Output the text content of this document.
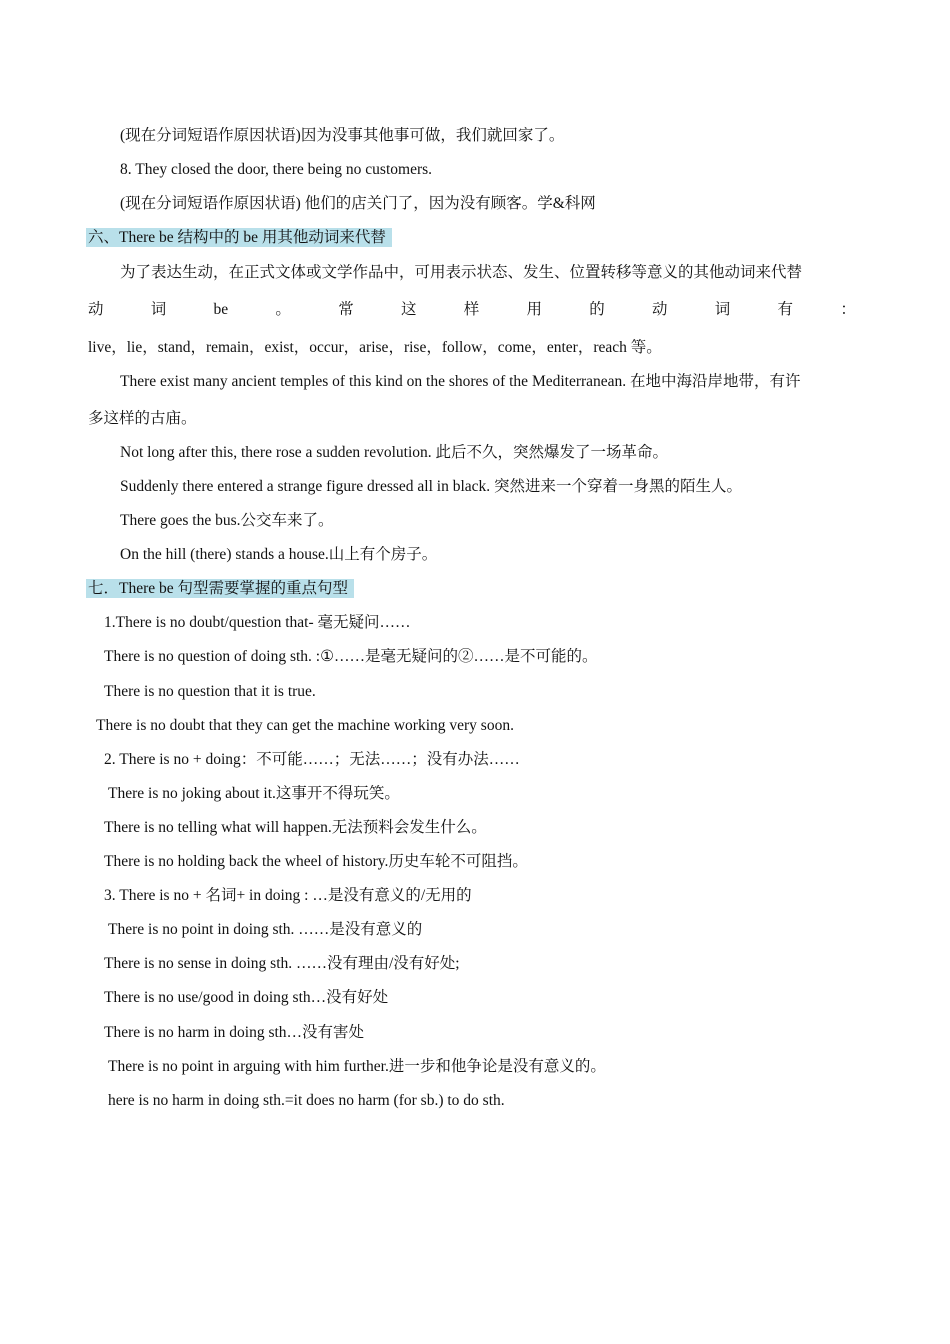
(现在分词短语作原因状语)因为没事其他事可做，我们就回家了。
8. They closed the door, there being no customers.
(现在分词短语作原因状语) 他们的店关门了，因为没有顾客。学&科网
六、There be 结构中的 be 用其他动词来代替
为了表达生动，在正式文体或文学作品中，可用表示状态、发生、位置转移等意义的其他动词来代替
动	词	be	。	常	这	样	用	的	动	词	有	：
live，lie，stand，remain，exist，occur，arise，rise，follow，come，enter，reach 等。
There exist many ancient temples of this kind on the shores of the Mediterranean. 在地中海沿岸地带，有许
多这样的古庙。
Not long after this, there rose a sudden revolution. 此后不久，突然爆发了一场革命。
Suddenly there entered a strange figure dressed all in black. 突然进来一个穿着一身黑的陌生人。
There goes the bus.公交车来了。
On the hill (there) stands a house.山上有个房子。
七．There be 句型需要掌握的重点句型
1.There is no doubt/question that- 毫无疑问……
There is no question of doing sth. :①……是毫无疑问的②……是不可能的。
There is no question that it is true.
There is no doubt that they can get the machine working very soon.
2. There is no + doing：不可能……；无法……；没有办法……
There is no joking about it.这事开不得玩笑。
There is no telling what will happen.无法预料会发生什么。
There is no holding back the wheel of history.历史车轮不可阻挡。
3. There is no + 名词+ in doing : …是没有意义的/无用的
There is no point in doing sth. ……是没有意义的
There is no sense in doing sth. ……没有理由/没有好处;
There is no use/good in doing sth…没有好处
There is no harm in doing sth…没有害处
There is no point in arguing with him further.进一步和他争论是没有意义的。
here is no harm in doing sth.=it does no harm (for sb.) to do sth.
